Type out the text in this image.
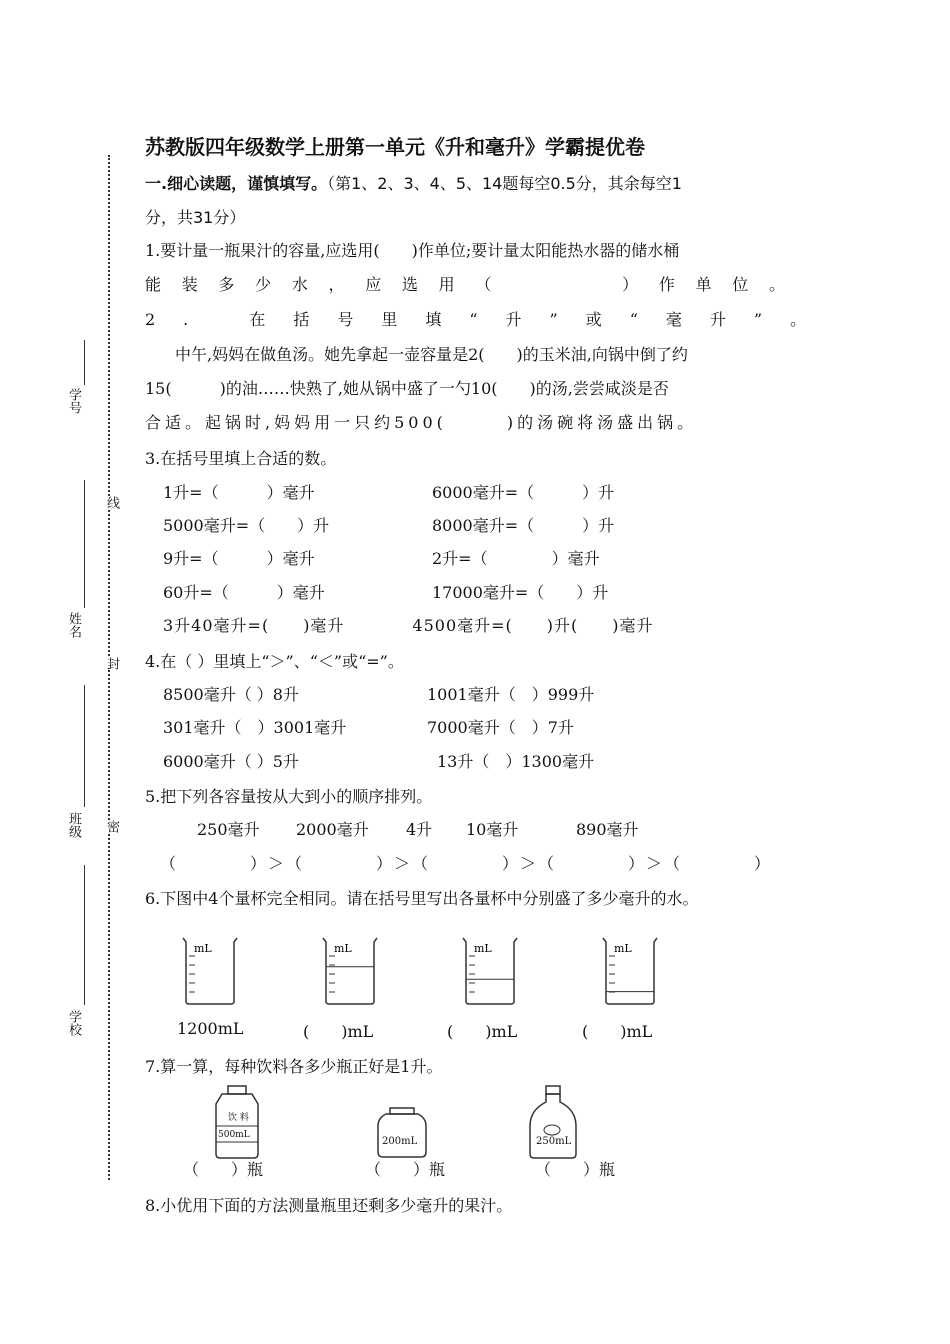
学号
姓名
班级
学校
线
封
密
苏教版四年级数学上册第一单元《升和毫升》学霸提优卷
一.细心读题，谨慎填写。（第1、2、3、4、5、14题每空0.5分，其余每空1
分，共31分）
1.要计量一瓶果汁的容量,应选用(　　)作单位;要计量太阳能热水器的储水桶
能装多少水，应选用（　　　）作单位。
2. 在括号里填“升”或“毫升”。
中午,妈妈在做鱼汤。她先拿起一壶容量是2(　　)的玉米油,向锅中倒了约
15(　　　)的油……快熟了,她从锅中盛了一勺10(　　)的汤,尝尝咸淡是否
合适。起锅时,妈妈用一只约500(　　　)的汤碗将汤盛出锅。
3.在括号里填上合适的数。
1升=（　　　）毫升	6000毫升=（　　　）升
5000毫升=（　　）升	8000毫升=（　　　）升
9升=（　　　）毫升	2升=（　　　　）毫升
60升=（　　　）毫升	17000毫升=（　　）升
3升40毫升=(　　)毫升　　　　4500毫升=(　　)升(　　)毫升
4.在（ ）里填上“＞”、“＜”或“=”。
8500毫升（ ）8升	1001毫升（　）999升
301毫升（　）3001毫升	7000毫升（　）7升
6000毫升（ ）5升	13升（　）1300毫升
5.把下列各容量按从大到小的顺序排列。
250毫升 2000毫升 4升 10毫升	890毫升
（　　　　）＞（　　　　）＞（　　　　）＞（　　　　）＞（　　　　）
6.下图中4个量杯完全相同。请在括号里写出各量杯中分别盛了多少毫升的水。
mL	mL	mL	mL
1200mL	(　　)mL	(　　)mL	(　　)mL
7.算一算，每种饮料各多少瓶正好是1升。
饮 料
500mL
200mL	250mL
（　　）瓶	（　　）瓶	（　　）瓶
8.小优用下面的方法测量瓶里还剩多少毫升的果汁。
